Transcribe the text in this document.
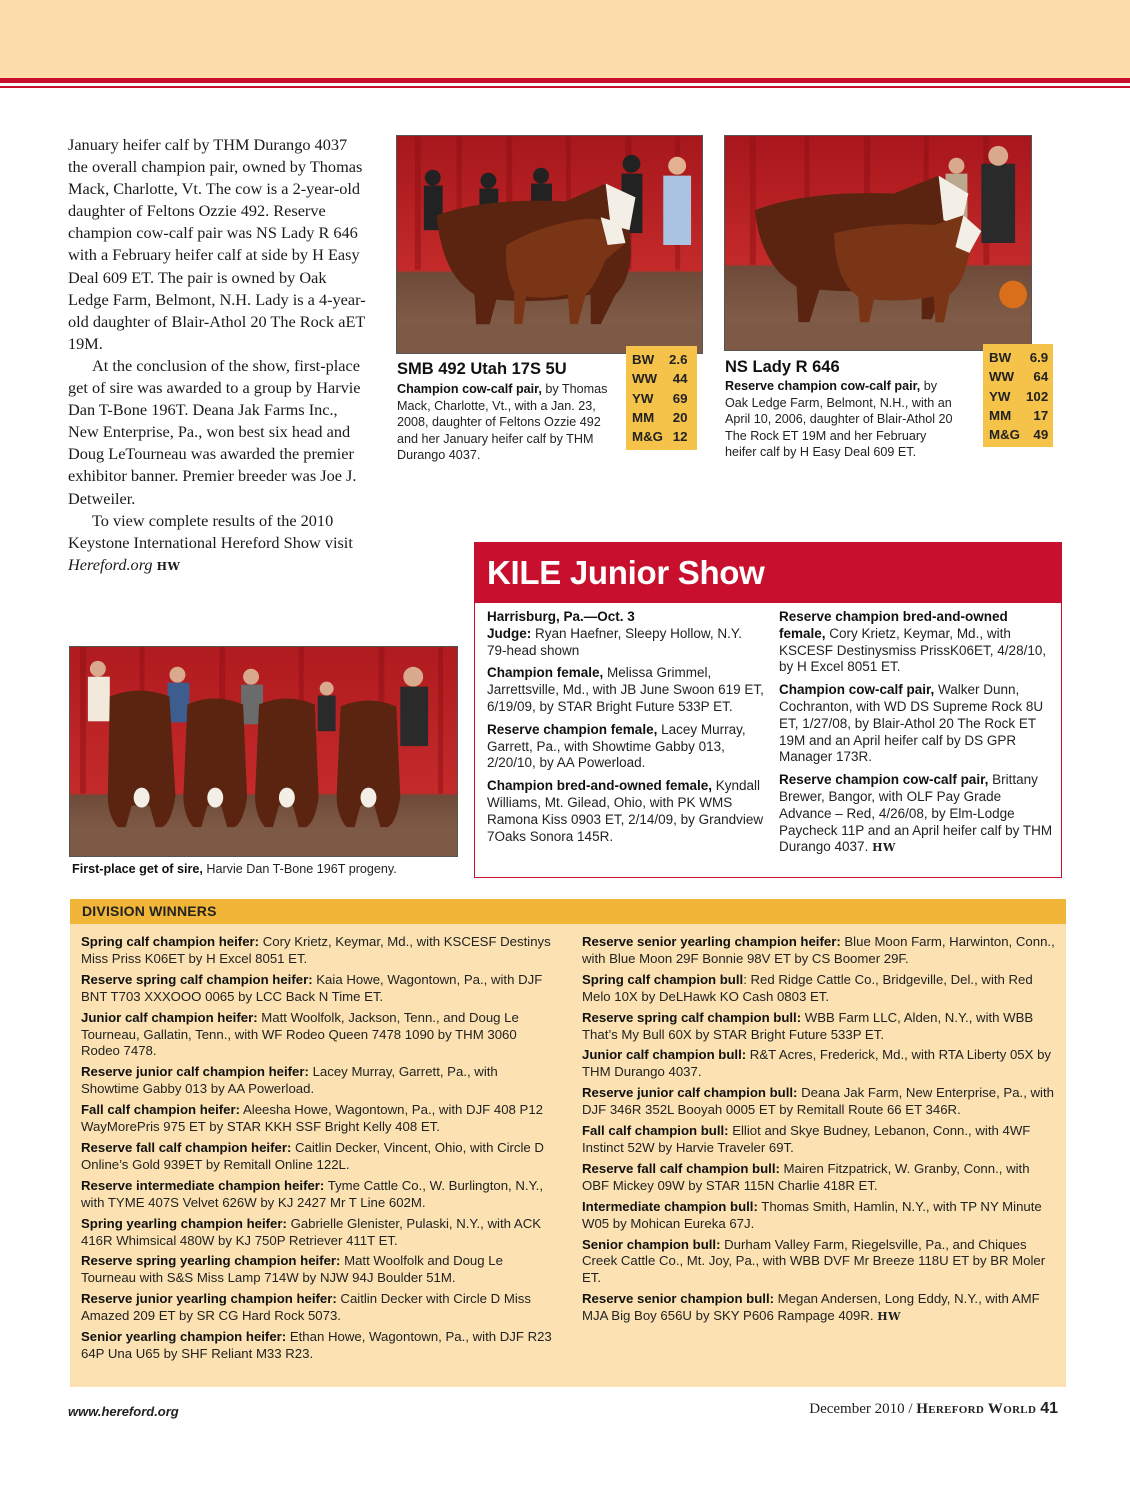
January heifer calf by THM Durango 4037 the overall champion pair, owned by Thomas Mack, Charlotte, Vt. The cow is a 2-year-old daughter of Feltons Ozzie 492. Reserve champion cow-calf pair was NS Lady R 646 with a February heifer calf at side by H Easy Deal 609 ET. The pair is owned by Oak Ledge Farm, Belmont, N.H. Lady is a 4-year-old daughter of Blair-Athol 20 The Rock aET 19M.

At the conclusion of the show, first-place get of sire was awarded to a group by Harvie Dan T-Bone 196T. Deana Jak Farms Inc., New Enterprise, Pa., won best six head and Doug LeTourneau was awarded the premier exhibitor banner. Premier breeder was Joe J. Detweiler.

To view complete results of the 2010 Keystone International Hereford Show visit Hereford.org HW

SMB 492 Utah 17S 5U
Champion cow-calf pair, by Thomas Mack, Charlotte, Vt., with a Jan. 23, 2008, daughter of Feltons Ozzie 492 and her January heifer calf by THM Durango 4037.
BW	2.6
WW	44
YW	69
MM	20
M&G	12
NS Lady R 646
Reserve champion cow-calf pair, by Oak Ledge Farm, Belmont, N.H., with an April 10, 2006, daughter of Blair-Athol 20 The Rock ET 19M and her February heifer calf by H Easy Deal 609 ET.
BW	6.9
WW	64
YW	102
MM	17
M&G	49
First-place get of sire, Harvie Dan T-Bone 196T progeny.
KILE Junior Show

Harrisburg, Pa.—Oct. 3
Judge: Ryan Haefner, Sleepy Hollow, N.Y.
79-head shown

Champion female, Melissa Grimmel, Jarrettsville, Md., with JB June Swoon 619 ET, 6/19/09, by STAR Bright Future 533P ET.

Reserve champion female, Lacey Murray, Garrett, Pa., with Showtime Gabby 013, 2/20/10, by AA Powerload.

Champion bred-and-owned female, Kyndall Williams, Mt. Gilead, Ohio, with PK WMS Ramona Kiss 0903 ET, 2/14/09, by Grandview 7Oaks Sonora 145R.

Reserve champion bred-and-owned female, Cory Krietz, Keymar, Md., with KSCESF Destinysmiss PrissK06ET, 4/28/10, by H Excel 8051 ET.

Champion cow-calf pair, Walker Dunn, Cochranton, with WD DS Supreme Rock 8U ET, 1/27/08, by Blair-Athol 20 The Rock ET 19M and an April heifer calf by DS GPR Manager 173R.

Reserve champion cow-calf pair, Brittany Brewer, Bangor, with OLF Pay Grade Advance – Red, 4/26/08, by Elm-Lodge Paycheck 11P and an April heifer calf by THM Durango 4037. HW

DIVISION WINNERS

Spring calf champion heifer: Cory Krietz, Keymar, Md., with KSCESF Destinys Miss Priss K06ET by H Excel 8051 ET.

Reserve spring calf champion heifer: Kaia Howe, Wagontown, Pa., with DJF BNT T703 XXXOOO 0065 by LCC Back N Time ET.

Junior calf champion heifer: Matt Woolfolk, Jackson, Tenn., and Doug Le Tourneau, Gallatin, Tenn., with WF Rodeo Queen 7478 1090 by THM 3060 Rodeo 7478.

Reserve junior calf champion heifer: Lacey Murray, Garrett, Pa., with Showtime Gabby 013 by AA Powerload.

Fall calf champion heifer: Aleesha Howe, Wagontown, Pa., with DJF 408 P12 WayMorePris 975 ET by STAR KKH SSF Bright Kelly 408 ET.

Reserve fall calf champion heifer: Caitlin Decker, Vincent, Ohio, with Circle D Online’s Gold 939ET by Remitall Online 122L.

Reserve intermediate champion heifer: Tyme Cattle Co., W. Burlington, N.Y., with TYME 407S Velvet 626W by KJ 2427 Mr T Line 602M.

Spring yearling champion heifer: Gabrielle Glenister, Pulaski, N.Y., with ACK 416R Whimsical 480W by KJ 750P Retriever 411T ET.

Reserve spring yearling champion heifer: Matt Woolfolk and Doug Le Tourneau with S&S Miss Lamp 714W by NJW 94J Boulder 51M.

Reserve junior yearling champion heifer: Caitlin Decker with Circle D Miss Amazed 209 ET by SR CG Hard Rock 5073.

Senior yearling champion heifer: Ethan Howe, Wagontown, Pa., with DJF R23 64P Una U65 by SHF Reliant M33 R23.

Reserve senior yearling champion heifer: Blue Moon Farm, Harwinton, Conn., with Blue Moon 29F Bonnie 98V ET by CS Boomer 29F.

Spring calf champion bull: Red Ridge Cattle Co., Bridgeville, Del., with Red Melo 10X by DeLHawk KO Cash 0803 ET.

Reserve spring calf champion bull: WBB Farm LLC, Alden, N.Y., with WBB That’s My Bull 60X by STAR Bright Future 533P ET.

Junior calf champion bull: R&T Acres, Frederick, Md., with RTA Liberty 05X by THM Durango 4037.

Reserve junior calf champion bull: Deana Jak Farm, New Enterprise, Pa., with DJF 346R 352L Booyah 0005 ET by Remitall Route 66 ET 346R.

Fall calf champion bull: Elliot and Skye Budney, Lebanon, Conn., with 4WF Instinct 52W by Harvie Traveler 69T.

Reserve fall calf champion bull: Mairen Fitzpatrick, W. Granby, Conn., with OBF Mickey 09W by STAR 115N Charlie 418R ET.

Intermediate champion bull: Thomas Smith, Hamlin, N.Y., with TP NY Minute W05 by Mohican Eureka 67J.

Senior champion bull: Durham Valley Farm, Riegelsville, Pa., and Chiques Creek Cattle Co., Mt. Joy, Pa., with WBB DVF Mr Breeze 118U ET by BR Moler ET.

Reserve senior champion bull: Megan Andersen, Long Eddy, N.Y., with AMF MJA Big Boy 656U by SKY P606 Rampage 409R. HW

www.hereford.org	December 2010 / Hereford World 41
